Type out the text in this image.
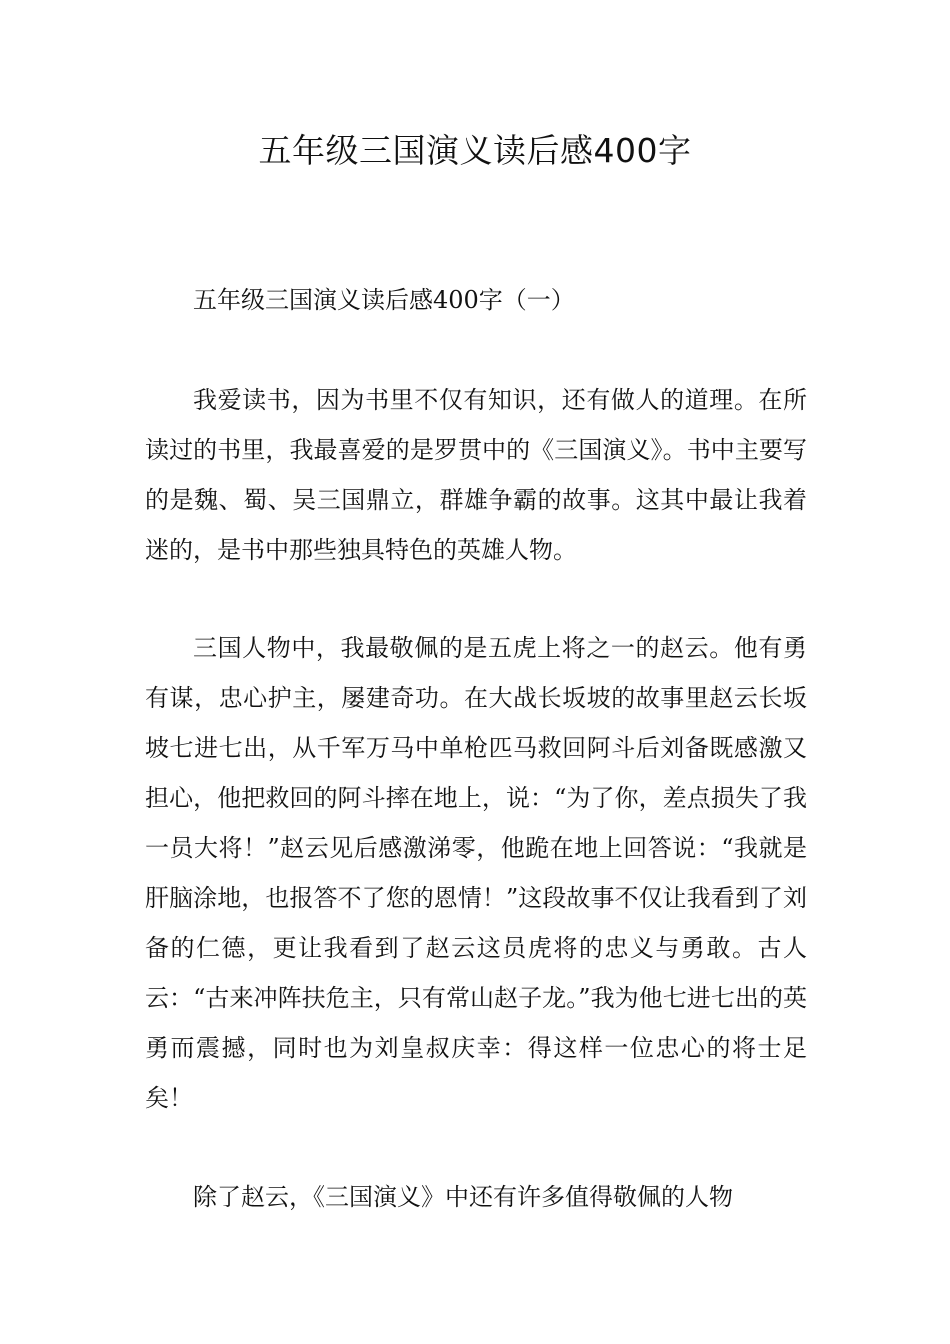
五年级三国演义读后感400字

五年级三国演义读后感400字（一）

我爱读书，因为书里不仅有知识，还有做人的道理。在所读过的书里，我最喜爱的是罗贯中的《三国演义》。书中主要写的是魏、蜀、吴三国鼎立，群雄争霸的故事。这其中最让我着迷的，是书中那些独具特色的英雄人物。

三国人物中，我最敬佩的是五虎上将之一的赵云。他有勇有谋，忠心护主，屡建奇功。在大战长坂坡的故事里赵云长坂坡七进七出，从千军万马中单枪匹马救回阿斗后刘备既感激又担心，他把救回的阿斗摔在地上，说：“为了你，差点损失了我一员大将！”赵云见后感激涕零，他跪在地上回答说：“我就是肝脑涂地，也报答不了您的恩情！”这段故事不仅让我看到了刘备的仁德，更让我看到了赵云这员虎将的忠义与勇敢。古人云：“古来冲阵扶危主，只有常山赵子龙。”我为他七进七出的英勇而震撼，同时也为刘皇叔庆幸：得这样一位忠心的将士足矣！

除了赵云，《三国演义》中还有许多值得敬佩的人物
